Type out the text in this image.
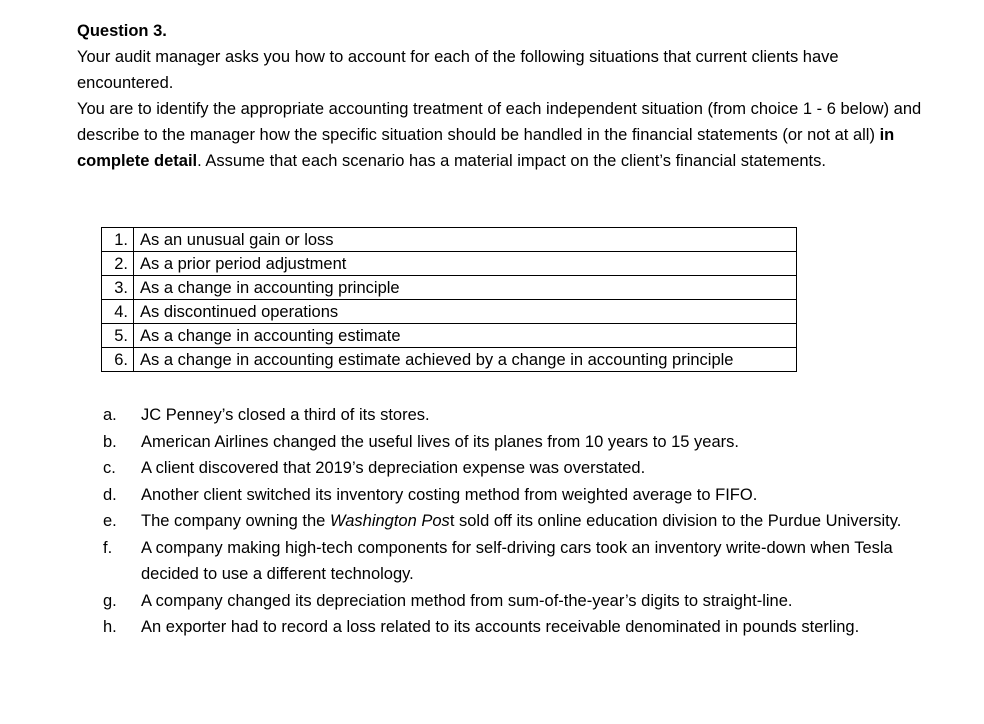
Question 3.

Your audit manager asks you how to account for each of the following situations that current clients have encountered.

You are to identify the appropriate accounting treatment of each independent situation (from choice 1 - 6 below) and describe to the manager how the specific situation should be handled in the financial statements (or not at all) in complete detail. Assume that each scenario has a material impact on the client’s financial statements.

1.	As an unusual gain or loss
2.	As a prior period adjustment
3.	As a change in accounting principle
4.	As discontinued operations
5.	As a change in accounting estimate
6.	As a change in accounting estimate achieved by a change in accounting principle
a.	JC Penney’s closed a third of its stores.
b.	American Airlines changed the useful lives of its planes from 10 years to 15 years.
c.	A client discovered that 2019’s depreciation expense was overstated.
d.	Another client switched its inventory costing method from weighted average to FIFO.
e.	The company owning the Washington Post sold off its online education division to the Purdue University.
f.	A company making high-tech components for self-driving cars took an inventory write-down when Tesla decided to use a different technology.
g.	A company changed its depreciation method from sum-of-the-year’s digits to straight-line.
h.	An exporter had to record a loss related to its accounts receivable denominated in pounds sterling.
